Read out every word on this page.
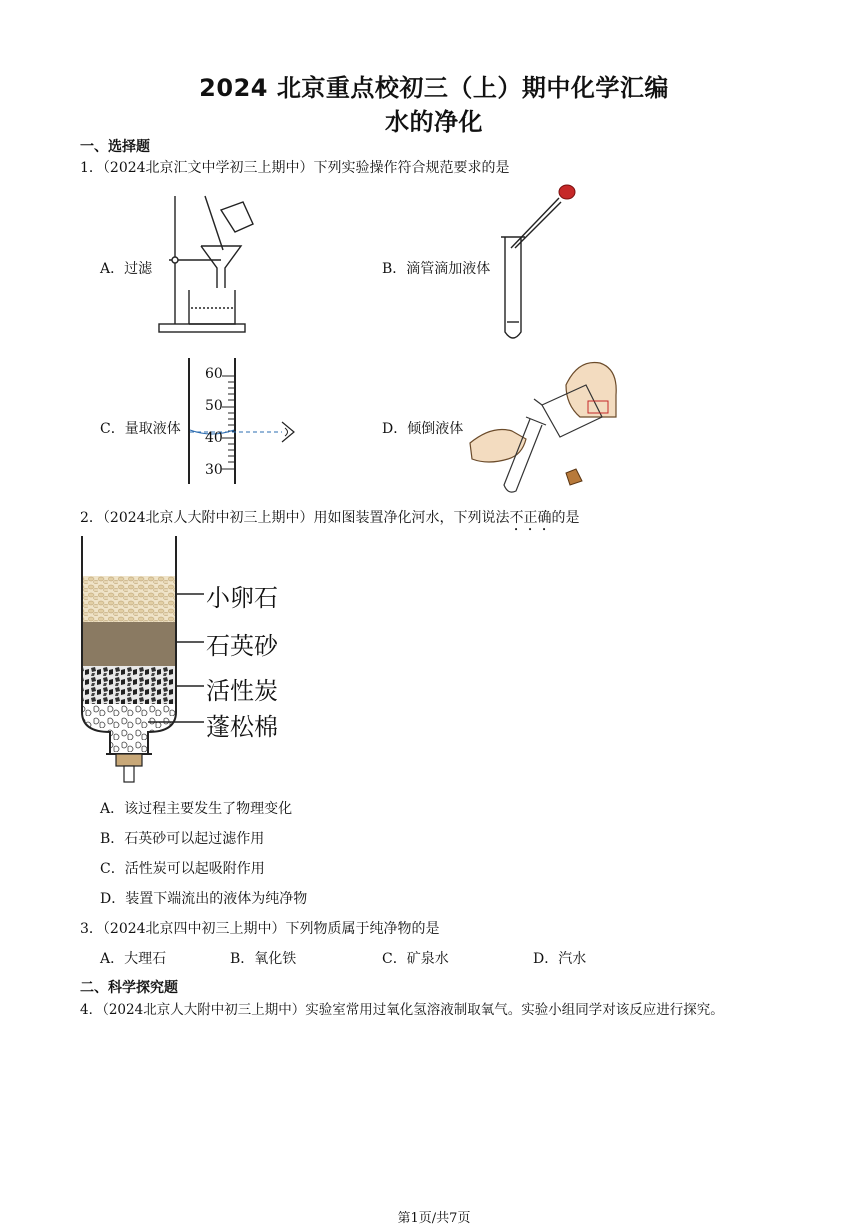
2024 北京重点校初三（上）期中化学汇编
水的净化
一、选择题
1．（2024北京汇文中学初三上期中）下列实验操作符合规范要求的是
A．过滤	B．滴管滴加液体
C．量取液体
60
50
40
30
D．倾倒液体
2．（2024北京人大附中初三上期中）用如图装置净化河水，下列说法不正确的是
小卵石
石英砂
活性炭
蓬松棉
A．该过程主要发生了物理变化
B．石英砂可以起过滤作用
C．活性炭可以起吸附作用
D．装置下端流出的液体为纯净物
3．（2024北京四中初三上期中）下列物质属于纯净物的是
A．大理石	B．氧化铁	C．矿泉水	D．汽水
二、科学探究题
4．（2024北京人大附中初三上期中）实验室常用过氧化氢溶液制取氧气。实验小组同学对该反应进行探究。
第1页/共7页
